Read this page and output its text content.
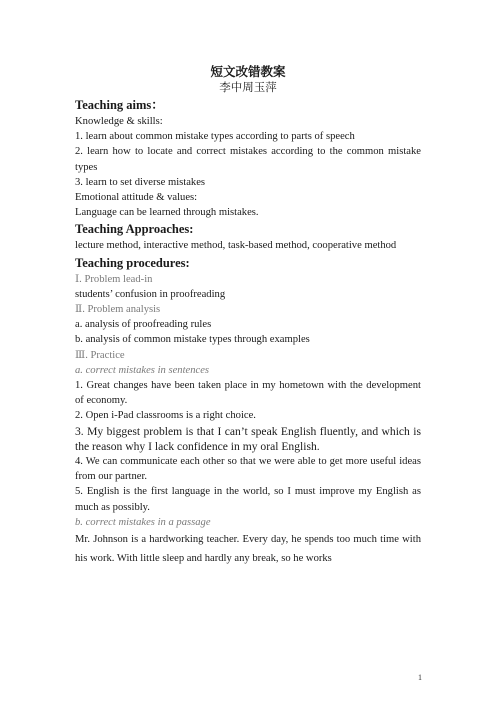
短文改错教案

李中周玉萍

Teaching aims：

Knowledge & skills:

1. learn about common mistake types according to parts of speech

2. learn how to locate and correct mistakes according to the common mistake types

3. learn to set diverse mistakes

Emotional attitude & values:

Language can be learned through mistakes.

Teaching Approaches:

lecture method, interactive method, task-based method, cooperative method

Teaching procedures:

Ⅰ. Problem lead-in

students’ confusion in proofreading

Ⅱ. Problem analysis

a. analysis of proofreading rules

b. analysis of common mistake types through examples

Ⅲ. Practice

a. correct mistakes in sentences

1. Great changes have been taken place in my hometown with the development of economy.

2. Open i-Pad classrooms is a right choice.

3. My biggest problem is that I can’t speak English fluently, and which is the reason why I lack confidence in my oral English.

4. We can communicate each other so that we were able to get more useful ideas from our partner.

5. English is the first language in the world, so I must improve my English as much as possibly.

b. correct mistakes in a passage

Mr. Johnson is a hardworking teacher. Every day, he spends too much time with his work. With little sleep and hardly any break, so he works

1
